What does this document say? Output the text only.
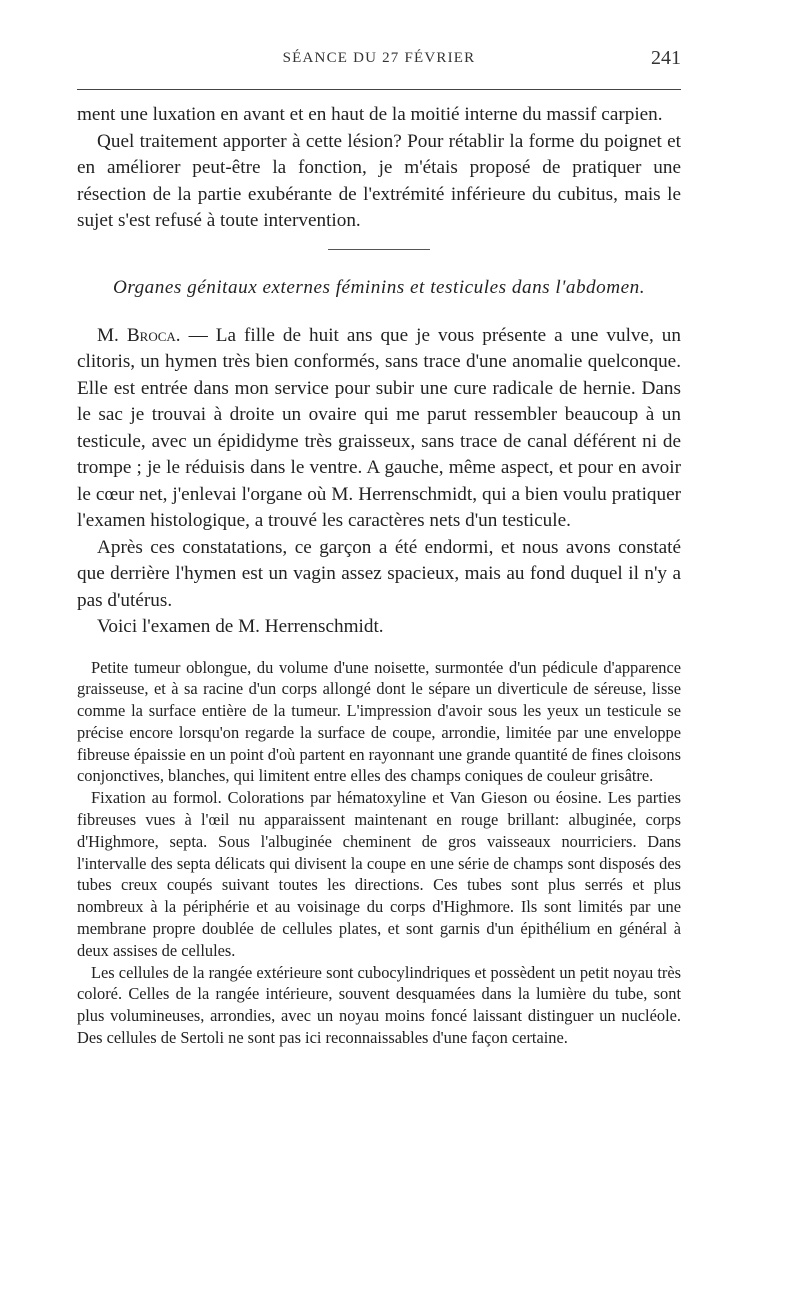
SÉANCE DU 27 FÉVRIER	241

ment une luxation en avant et en haut de la moitié interne du massif carpien.

Quel traitement apporter à cette lésion? Pour rétablir la forme du poignet et en améliorer peut-être la fonction, je m'étais proposé de pratiquer une résection de la partie exubérante de l'extrémité inférieure du cubitus, mais le sujet s'est refusé à toute intervention.

Organes génitaux externes féminins et testicules dans l'abdomen.

M. Broca. — La fille de huit ans que je vous présente a une vulve, un clitoris, un hymen très bien conformés, sans trace d'une anomalie quelconque. Elle est entrée dans mon service pour subir une cure radicale de hernie. Dans le sac je trouvai à droite un ovaire qui me parut ressembler beaucoup à un testicule, avec un épididyme très graisseux, sans trace de canal déférent ni de trompe ; je le réduisis dans le ventre. A gauche, même aspect, et pour en avoir le cœur net, j'enlevai l'organe où M. Herrenschmidt, qui a bien voulu pratiquer l'examen histologique, a trouvé les caractères nets d'un testicule.

Après ces constatations, ce garçon a été endormi, et nous avons constaté que derrière l'hymen est un vagin assez spacieux, mais au fond duquel il n'y a pas d'utérus.

Voici l'examen de M. Herrenschmidt.

Petite tumeur oblongue, du volume d'une noisette, surmontée d'un pédicule d'apparence graisseuse, et à sa racine d'un corps allongé dont le sépare un diverticule de séreuse, lisse comme la surface entière de la tumeur. L'impression d'avoir sous les yeux un testicule se précise encore lorsqu'on regarde la surface de coupe, arrondie, limitée par une enveloppe fibreuse épaissie en un point d'où partent en rayonnant une grande quantité de fines cloisons conjonctives, blanches, qui limitent entre elles des champs coniques de couleur grisâtre.

Fixation au formol. Colorations par hématoxyline et Van Gieson ou éosine. Les parties fibreuses vues à l'œil nu apparaissent maintenant en rouge brillant: albuginée, corps d'Highmore, septa. Sous l'albuginée cheminent de gros vaisseaux nourriciers. Dans l'intervalle des septa délicats qui divisent la coupe en une série de champs sont disposés des tubes creux coupés suivant toutes les directions. Ces tubes sont plus serrés et plus nombreux à la périphérie et au voisinage du corps d'Highmore. Ils sont limités par une membrane propre doublée de cellules plates, et sont garnis d'un épithélium en général à deux assises de cellules.

Les cellules de la rangée extérieure sont cubocylindriques et possèdent un petit noyau très coloré. Celles de la rangée intérieure, souvent desquamées dans la lumière du tube, sont plus volumineuses, arrondies, avec un noyau moins foncé laissant distinguer un nucléole. Des cellules de Sertoli ne sont pas ici reconnaissables d'une façon certaine.
